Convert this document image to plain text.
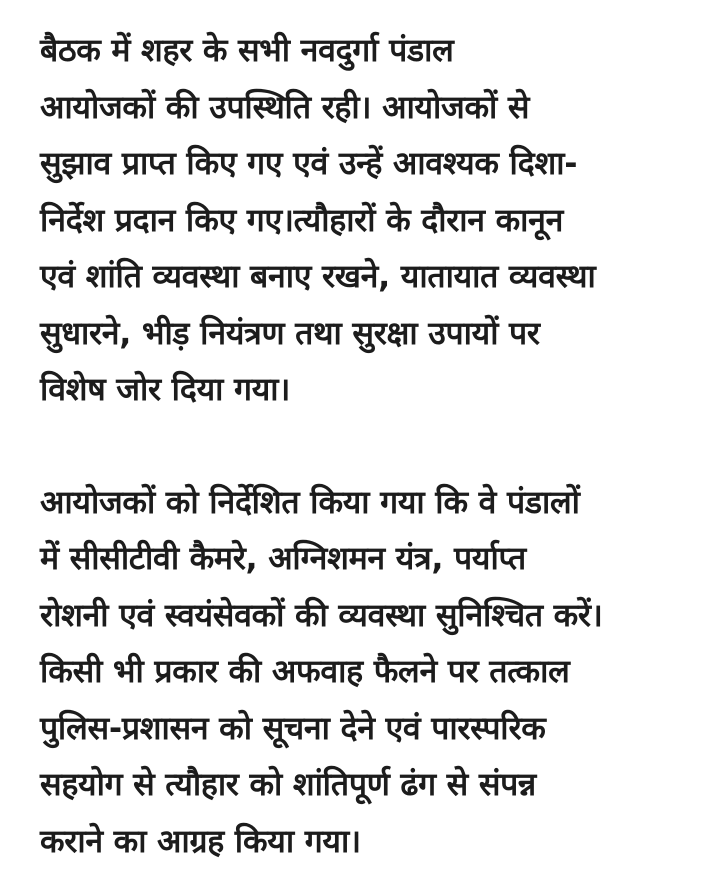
बैठक में शहर के सभी नवदुर्गा पंडाल
आयोजकों की उपस्थिति रही। आयोजकों से
सुझाव प्राप्त किए गए एवं उन्हें आवश्यक दिशा-
निर्देश प्रदान किए गए।त्यौहारों के दौरान कानून
एवं शांति व्यवस्था बनाए रखने, यातायात व्यवस्था
सुधारने, भीड़ नियंत्रण तथा सुरक्षा उपायों पर
विशेष जोर दिया गया।
आयोजकों को निर्देशित किया गया कि वे पंडालों
में सीसीटीवी कैमरे, अग्निशमन यंत्र, पर्याप्त
रोशनी एवं स्वयंसेवकों की व्यवस्था सुनिश्चित करें।
किसी भी प्रकार की अफवाह फैलने पर तत्काल
पुलिस-प्रशासन को सूचना देने एवं पारस्परिक
सहयोग से त्यौहार को शांतिपूर्ण ढंग से संपन्न
कराने का आग्रह किया गया।
